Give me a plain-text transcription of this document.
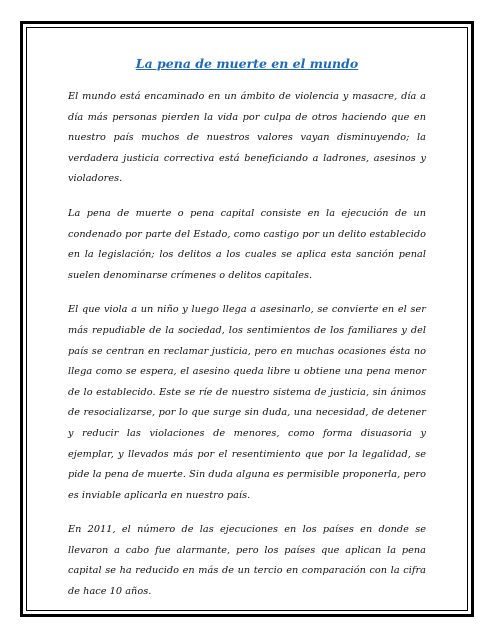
La pena de muerte en el mundo

El mundo está encaminado en un ámbito de violencia y masacre, día a día más personas pierden la vida por culpa de otros haciendo que en nuestro país muchos de nuestros valores vayan disminuyendo; la verdadera justicia correctiva está beneficiando a ladrones, asesinos y violadores.

La pena de muerte o pena capital consiste en la ejecución de un condenado por parte del Estado, como castigo por un delito establecido en la legislación; los delitos a los cuales se aplica esta sanción penal suelen denominarse crímenes o delitos capitales.

El que viola a un niño y luego llega a asesinarlo, se convierte en el ser más repudiable de la sociedad, los sentimientos de los familiares y del país se centran en reclamar justicia, pero en muchas ocasiones ésta no llega como se espera, el asesino queda libre u obtiene una pena menor de lo establecido. Este se ríe de nuestro sistema de justicia, sin ánimos de resocializarse, por lo que surge sin duda, una necesidad, de detener y reducir las violaciones de menores, como forma disuasoria y ejemplar, y llevados más por el resentimiento que por la legalidad, se pide la pena de muerte. Sin duda alguna es permisible proponerla, pero es inviable aplicarla en nuestro país.

En 2011, el número de las ejecuciones en los países en donde se llevaron a cabo fue alarmante, pero los países que aplican la pena capital se ha reducido en más de un tercio en comparación con la cifra de hace 10 años.
